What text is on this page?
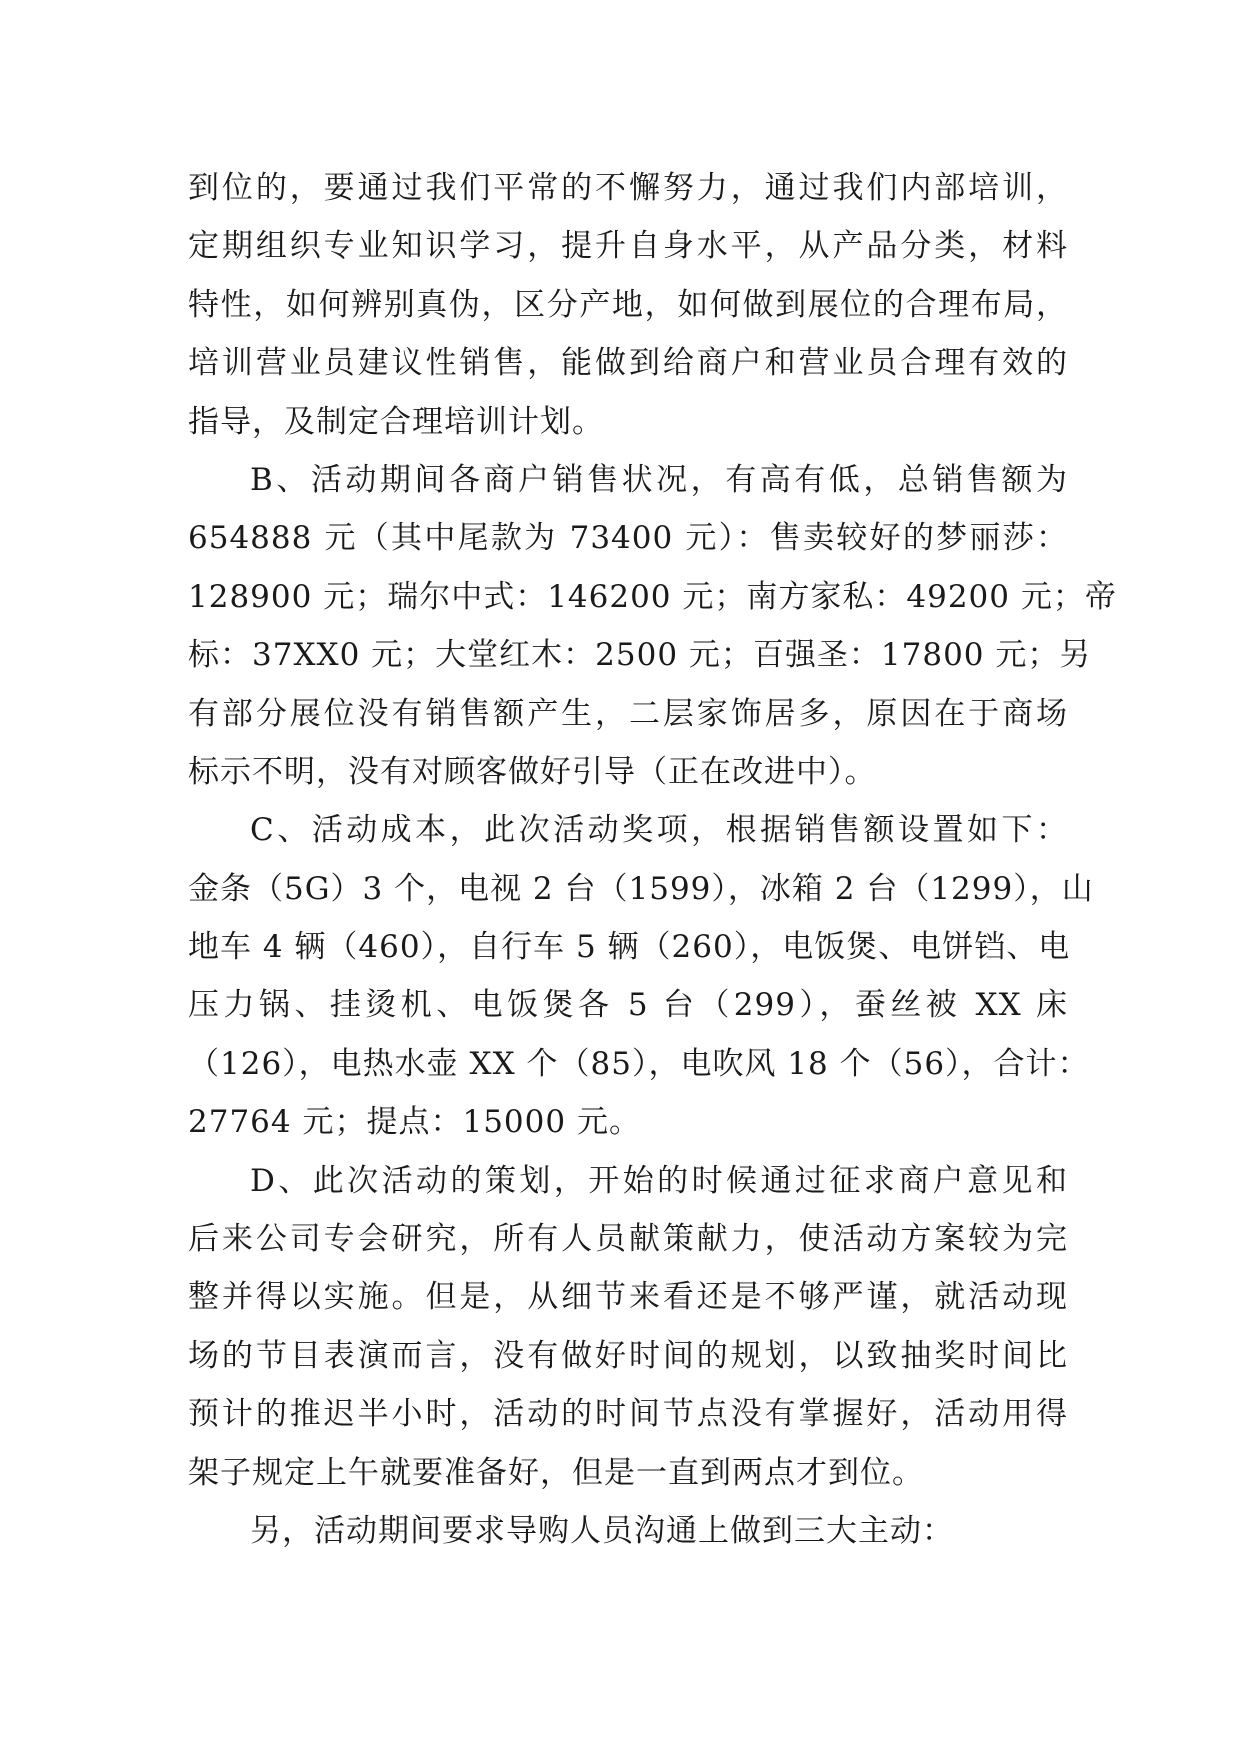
到位的，要通过我们平常的不懈努力，通过我们内部培训，
定期组织专业知识学习，提升自身水平，从产品分类，材料
特性，如何辨别真伪，区分产地，如何做到展位的合理布局，
培训营业员建议性销售，能做到给商户和营业员合理有效的
指导，及制定合理培训计划。
B、活动期间各商户销售状况，有高有低，总销售额为
654888 元（其中尾款为 73400 元）：售卖较好的梦丽莎：
128900 元；瑞尔中式：146200 元；南方家私：49200 元；帝
标：37XX0 元；大堂红木：2500 元；百强圣：17800 元；另
有部分展位没有销售额产生，二层家饰居多，原因在于商场
标示不明，没有对顾客做好引导（正在改进中）。
C、活动成本，此次活动奖项，根据销售额设置如下：
金条（5G）3 个，电视 2 台（1599），冰箱 2 台（1299），山
地车 4 辆（460），自行车 5 辆（260），电饭煲、电饼铛、电
压力锅、挂烫机、电饭煲各 5 台（299），蚕丝被 XX 床
（126），电热水壶 XX 个（85），电吹风 18 个（56），合计：
27764 元；提点：15000 元。
D、此次活动的策划，开始的时候通过征求商户意见和
后来公司专会研究，所有人员献策献力，使活动方案较为完
整并得以实施。但是，从细节来看还是不够严谨，就活动现
场的节目表演而言，没有做好时间的规划，以致抽奖时间比
预计的推迟半小时，活动的时间节点没有掌握好，活动用得
架子规定上午就要准备好，但是一直到两点才到位。
另，活动期间要求导购人员沟通上做到三大主动：
